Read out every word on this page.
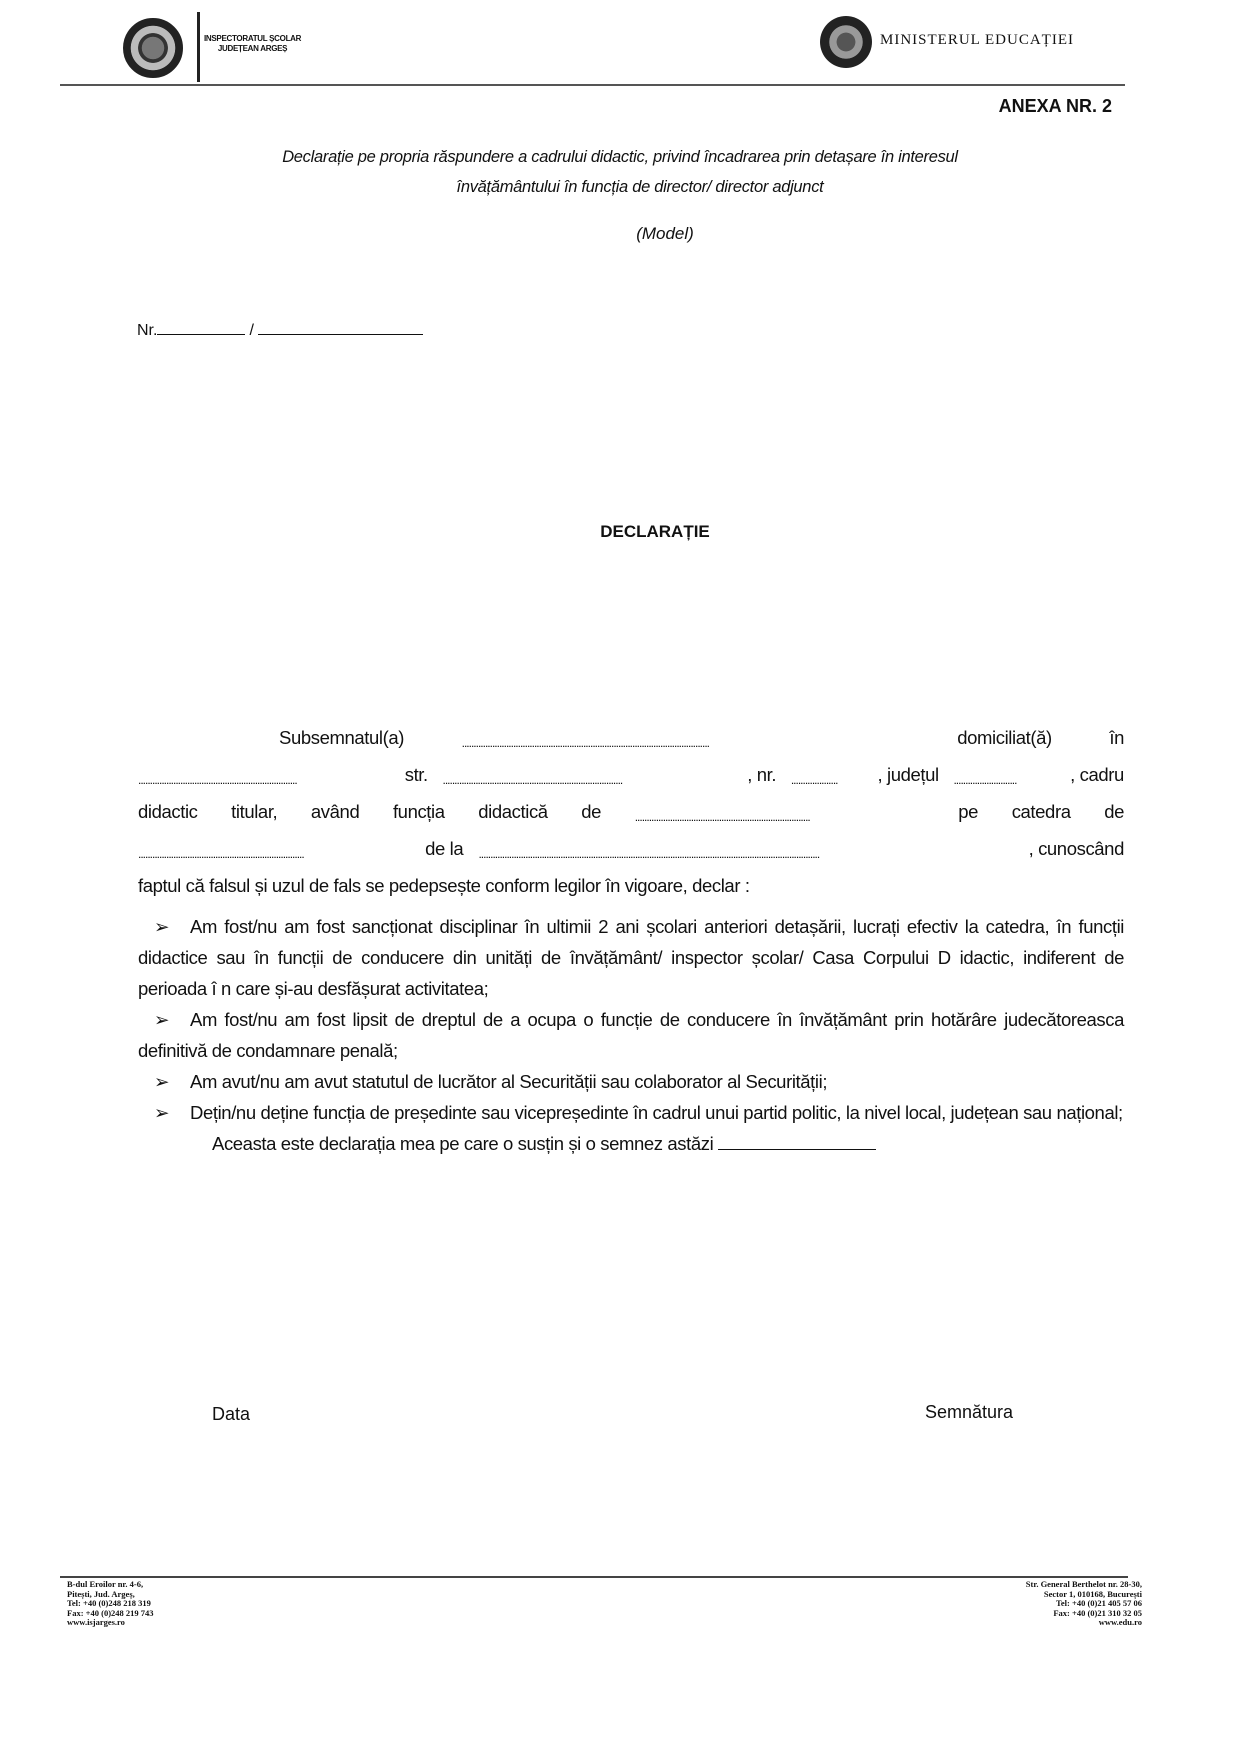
INSPECTORATUL ȘCOLAR
JUDEȚEAN ARGEȘ
MINISTERUL EDUCAȚIEI
ANEXA NR. 2
Declarație pe propria răspundere a cadrului didactic, privind încadrarea prin detașare în interesul
învățământului în funcția de director/ director adjunct
(Model)
Nr.	/
DECLARAȚIE
Subsemnatul(a)	..........................................................................................................	domiciliat(ă)	în
....................................................................	str. .............................................................................	, nr. ....................	, județul ...........................	, cadru
didactic titular, având funcția didactică de	...........................................................................	pe catedra de
.......................................................................	de la ..................................................................................................................................................	, cunoscând
faptul că falsul și uzul de fals se pedepsește conform legilor în vigoare, declar :
➢ Am fost/nu am fost sancționat disciplinar în ultimii 2 ani școlari anteriori detașării, lucrați efectiv la catedra, în funcții didactice sau în funcții de conducere din unități de învățământ/ inspector școlar/ Casa Corpului D idactic, indiferent de perioada î n care și-au desfășurat activitatea;
➢ Am fost/nu am fost lipsit de dreptul de a ocupa o funcție de conducere în învățământ prin hotărâre judecătoreasca definitivă de condamnare penală;
➢ Am avut/nu am avut statutul de lucrător al Securității sau colaborator al Securității;
➢ Dețin/nu deține funcția de președinte sau vicepreședinte în cadrul unui partid politic, la nivel local, județean sau național;
Aceasta este declarația mea pe care o susțin și o semnez astăzi
Data	Semnătura
B-dul Eroilor nr. 4-6,
Pitești, Jud. Argeș,
Tel: +40 (0)248 218 319
Fax: +40 (0)248 219 743
www.isjarges.ro
Str. General Berthelot nr. 28-30,
Sector 1, 010168, București
Tel: +40 (0)21 405 57 06
Fax: +40 (0)21 310 32 05
www.edu.ro
